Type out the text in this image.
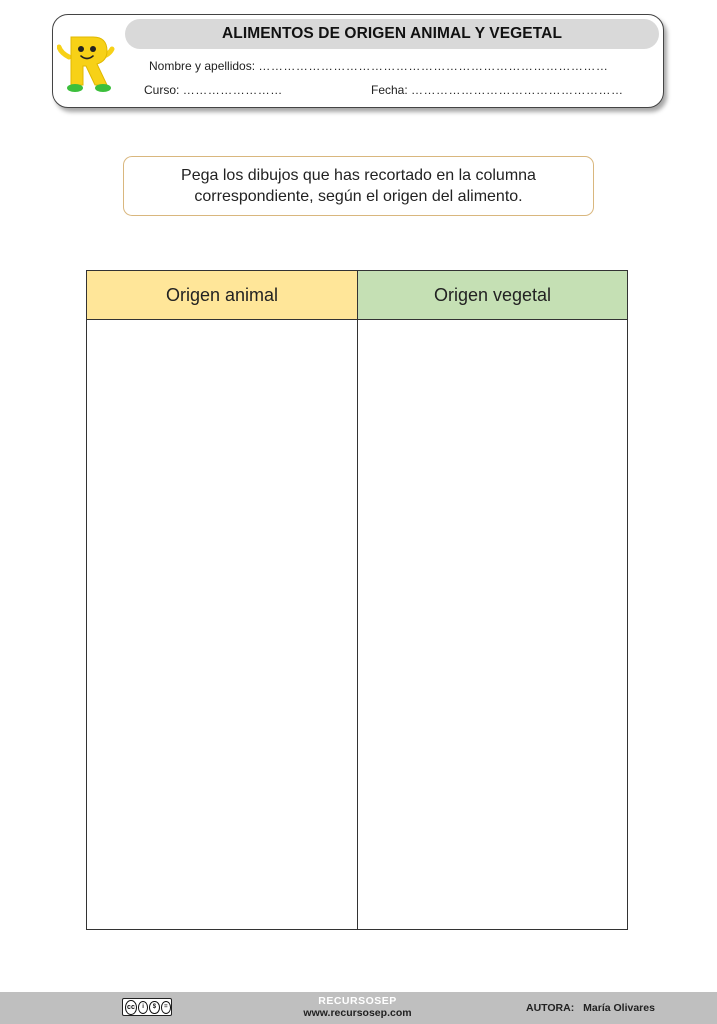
ALIMENTOS DE ORIGEN ANIMAL Y VEGETAL
Nombre y apellidos: …………………………………………………………………………
Curso: ……………………	Fecha: ……………………………………………
Pega los dibujos que has recortado en la columna
correspondiente, según el origen del alimento.
Origen animal	Origen vegetal
cc	i	$	=	RECURSOSEP
www.recursosep.com	AUTORA: María Olivares
